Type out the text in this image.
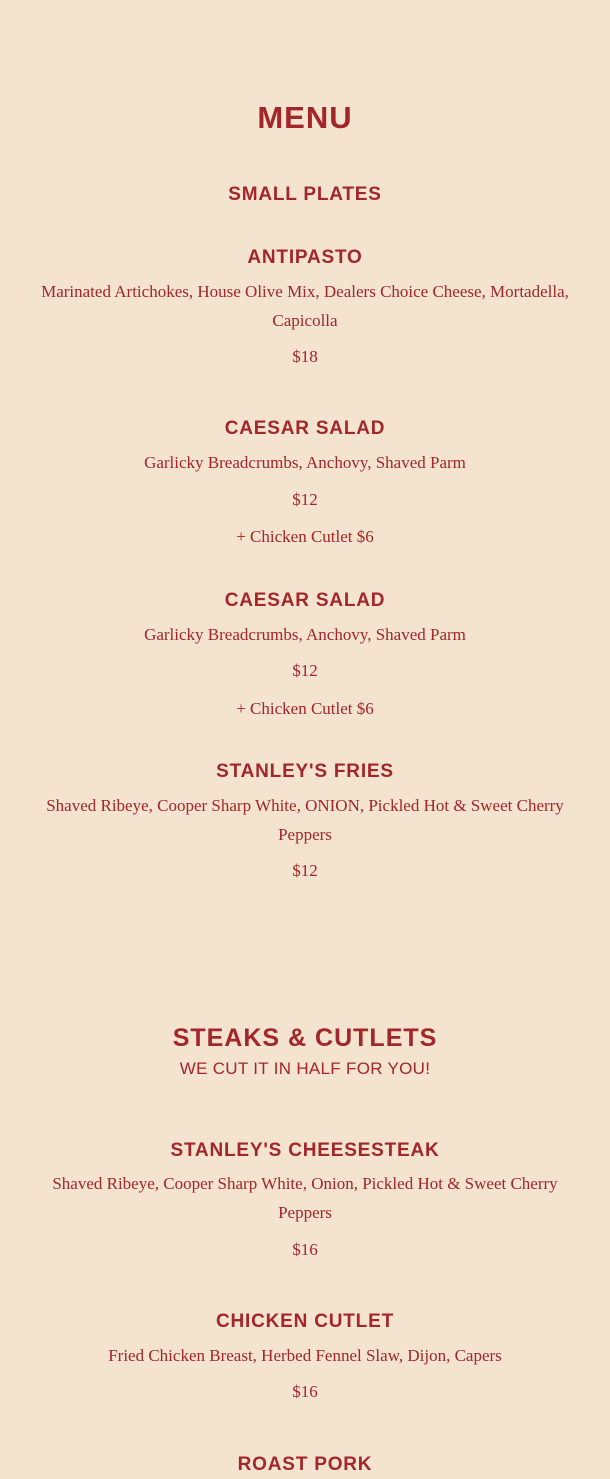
MENU
SMALL PLATES
ANTIPASTO

Marinated Artichokes, House Olive Mix, Dealers Choice Cheese, Mortadella, Capicolla

$18

CAESAR SALAD

Garlicky Breadcrumbs, Anchovy, Shaved Parm

$12

+ Chicken Cutlet $6

CAESAR SALAD

Garlicky Breadcrumbs, Anchovy, Shaved Parm

$12

+ Chicken Cutlet $6

STANLEY'S FRIES

Shaved Ribeye, Cooper Sharp White, ONION, Pickled Hot & Sweet Cherry Peppers

$12

STEAKS & CUTLETS

WE CUT IT IN HALF FOR YOU!

STANLEY'S CHEESESTEAK

Shaved Ribeye, Cooper Sharp White, Onion, Pickled Hot & Sweet Cherry Peppers

$16

CHICKEN CUTLET

Fried Chicken Breast, Herbed Fennel Slaw, Dijon, Capers

$16

ROAST PORK
